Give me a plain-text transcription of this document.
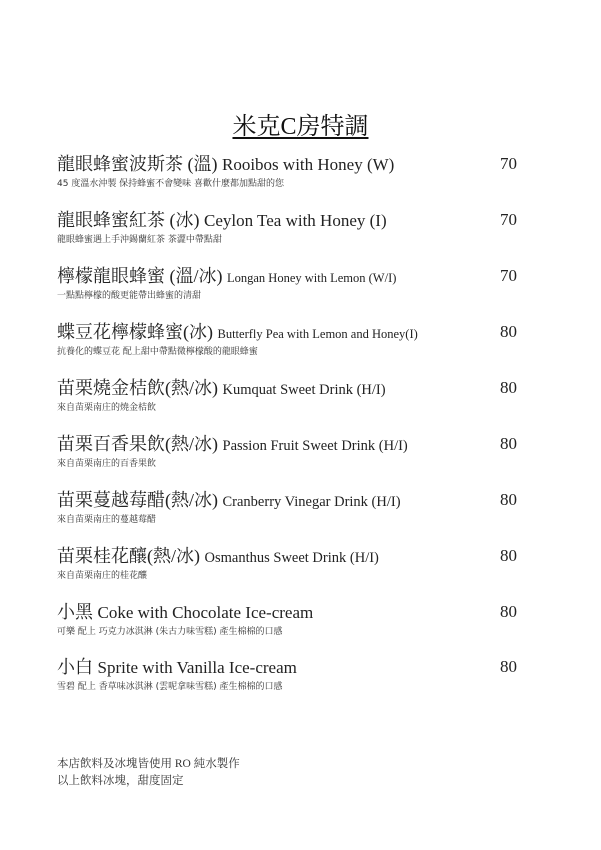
米克C房特調
龍眼蜂蜜波斯茶 (溫) Rooibos with Honey (W)
45 度溫水沖製 保持蜂蜜不會變味 喜歡什麼都加點甜的您
70
龍眼蜂蜜紅茶 (冰) Ceylon Tea with Honey (I)
龍眼蜂蜜遇上手沖錫蘭紅茶 茶澀中帶點甜
70
檸檬龍眼蜂蜜 (溫/冰) Longan Honey with Lemon (W/I)
一點點檸檬的酸更能帶出蜂蜜的清甜
70
蝶豆花檸檬蜂蜜(冰) Butterfly Pea with Lemon and Honey(I)
抗養化的蝶豆花 配上甜中帶點微檸檬酸的龍眼蜂蜜
80
苗栗燒金桔飲(熱/冰) Kumquat Sweet Drink (H/I)
來自苗栗南庄的燒金桔飲
80
苗栗百香果飲(熱/冰) Passion Fruit Sweet Drink (H/I)
來自苗栗南庄的百香果飲
80
苗栗蔓越莓醋(熱/冰) Cranberry Vinegar Drink (H/I)
來自苗栗南庄的蔓越莓醋
80
苗栗桂花釀(熱/冰) Osmanthus Sweet Drink (H/I)
來自苗栗南庄的桂花釀
80
小黑 Coke with Chocolate Ice-cream
可樂 配上 巧克力冰淇淋 (朱古力味雪糕) 產生棉棉的口感
80
小白 Sprite with Vanilla Ice-cream
雪碧 配上 香草味冰淇淋 (雲呢拿味雪糕) 產生棉棉的口感
80
本店飲料及冰塊皆使用 RO 純水製作
以上飲料冰塊，甜度固定
